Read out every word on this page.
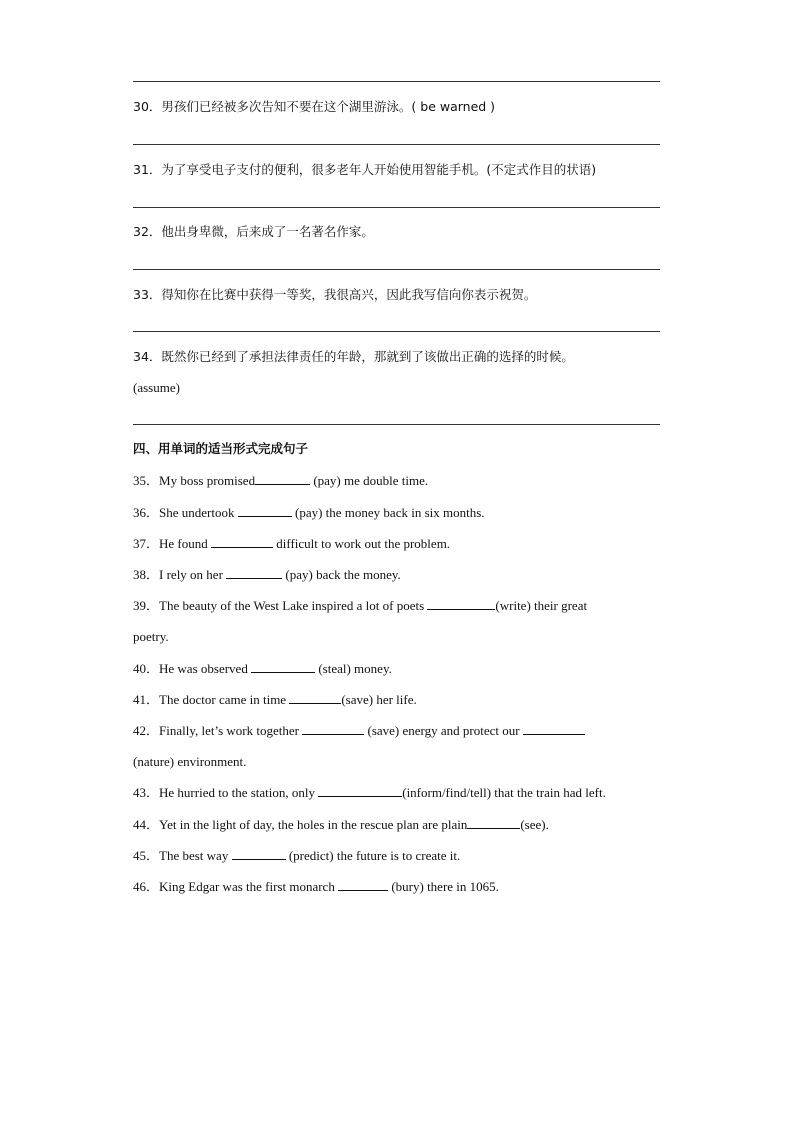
30．男孩们已经被多次告知不要在这个湖里游泳。( be warned )
31．为了享受电子支付的便利，很多老年人开始使用智能手机。(不定式作目的状语)
32．他出身卑微，后来成了一名著名作家。
33．得知你在比赛中获得一等奖，我很高兴，因此我写信向你表示祝贺。
34．既然你已经到了承担法律责任的年龄，那就到了该做出正确的选择的时候。
(assume)
四、用单词的适当形式完成句子
35．My boss promised	(pay) me double time.
36．She undertook	(pay) the money back in six months.
37．He found	difficult to work out the problem.
38．I rely on her	(pay) back the money.
39．The beauty of the West Lake inspired a lot of poets	(write) their great
poetry.
40．He was observed	(steal) money.
41．The doctor came in time	(save) her life.
42．Finally, let’s work together	(save) energy and protect our
(nature) environment.
43．He hurried to the station, only	(inform/find/tell) that the train had left.
44．Yet in the light of day, the holes in the rescue plan are plain	(see).
45．The best way	(predict) the future is to create it.
46．King Edgar was the first monarch	(bury) there in 1065.
